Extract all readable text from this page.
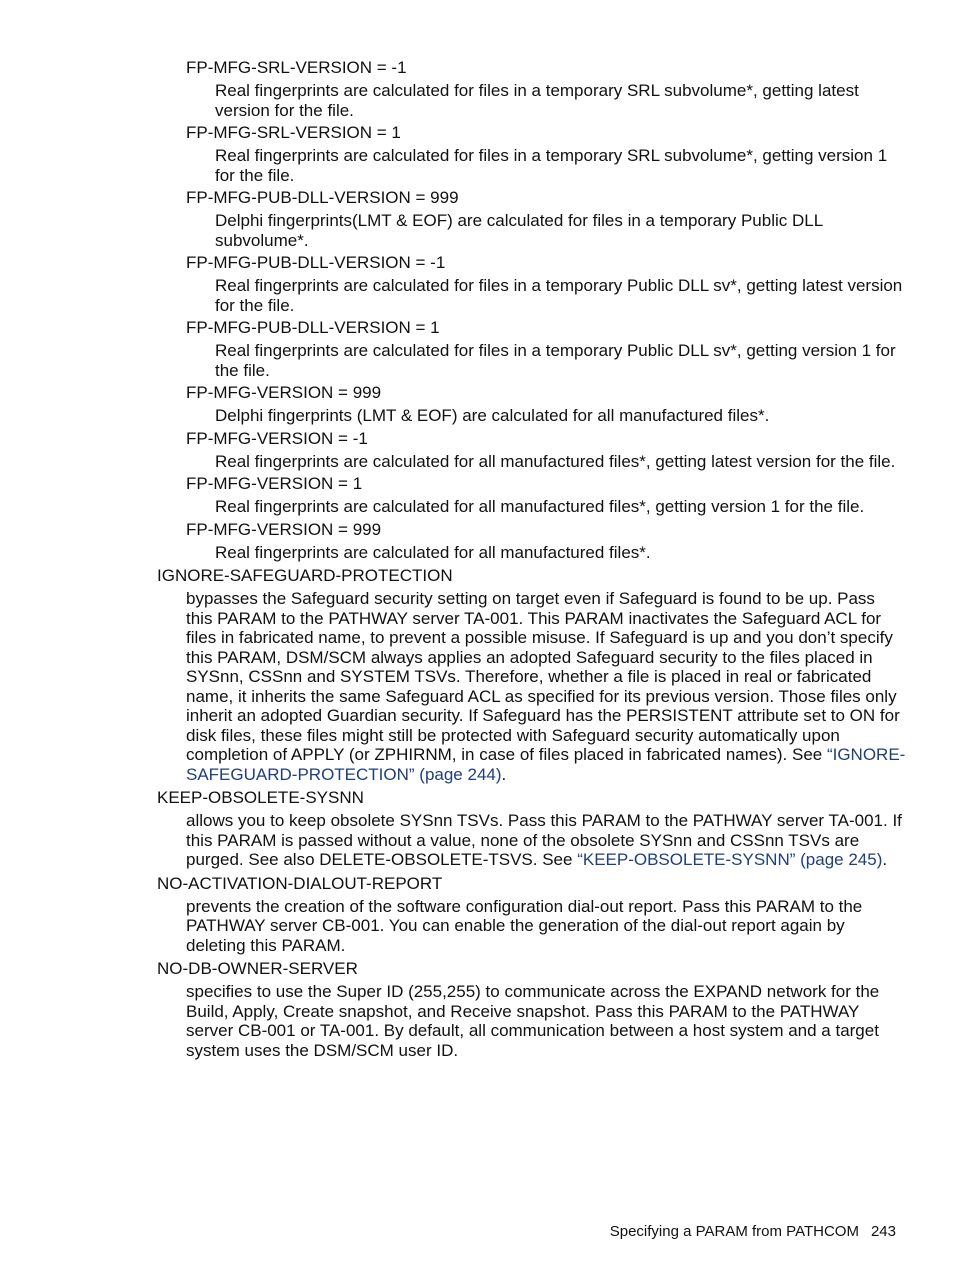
FP-MFG-SRL-VERSION = -1
Real fingerprints are calculated for files in a temporary SRL subvolume*, getting latest version for the file.
FP-MFG-SRL-VERSION = 1
Real fingerprints are calculated for files in a temporary SRL subvolume*, getting version 1 for the file.
FP-MFG-PUB-DLL-VERSION = 999
Delphi fingerprints(LMT & EOF) are calculated for files in a temporary Public DLL subvolume*.
FP-MFG-PUB-DLL-VERSION = -1
Real fingerprints are calculated for files in a temporary Public DLL sv*, getting latest version for the file.
FP-MFG-PUB-DLL-VERSION = 1
Real fingerprints are calculated for files in a temporary Public DLL sv*, getting version 1 for the file.
FP-MFG-VERSION = 999
Delphi fingerprints (LMT & EOF) are calculated for all manufactured files*.
FP-MFG-VERSION = -1
Real fingerprints are calculated for all manufactured files*, getting latest version for the file.
FP-MFG-VERSION = 1
Real fingerprints are calculated for all manufactured files*, getting version 1 for the file.
FP-MFG-VERSION = 999
Real fingerprints are calculated for all manufactured files*.
IGNORE-SAFEGUARD-PROTECTION
bypasses the Safeguard security setting on target even if Safeguard is found to be up. Pass this PARAM to the PATHWAY server TA-001. This PARAM inactivates the Safeguard ACL for files in fabricated name, to prevent a possible misuse. If Safeguard is up and you don’t specify this PARAM, DSM/SCM always applies an adopted Safeguard security to the files placed in SYSnn, CSSnn and SYSTEM TSVs. Therefore, whether a file is placed in real or fabricated name, it inherits the same Safeguard ACL as specified for its previous version. Those files only inherit an adopted Guardian security. If Safeguard has the PERSISTENT attribute set to ON for disk files, these files might still be protected with Safeguard security automatically upon completion of APPLY (or ZPHIRNM, in case of files placed in fabricated names). See “IGNORE-SAFEGUARD-PROTECTION” (page 244).
KEEP-OBSOLETE-SYSNN
allows you to keep obsolete SYSnn TSVs. Pass this PARAM to the PATHWAY server TA-001. If this PARAM is passed without a value, none of the obsolete SYSnn and CSSnn TSVs are purged. See also DELETE-OBSOLETE-TSVS. See “KEEP-OBSOLETE-SYSNN” (page 245).
NO-ACTIVATION-DIALOUT-REPORT
prevents the creation of the software configuration dial-out report. Pass this PARAM to the PATHWAY server CB-001. You can enable the generation of the dial-out report again by deleting this PARAM.
NO-DB-OWNER-SERVER
specifies to use the Super ID (255,255) to communicate across the EXPAND network for the Build, Apply, Create snapshot, and Receive snapshot. Pass this PARAM to the PATHWAY server CB-001 or TA-001. By default, all communication between a host system and a target system uses the DSM/SCM user ID.
Specifying a PARAM from PATHCOM 243
